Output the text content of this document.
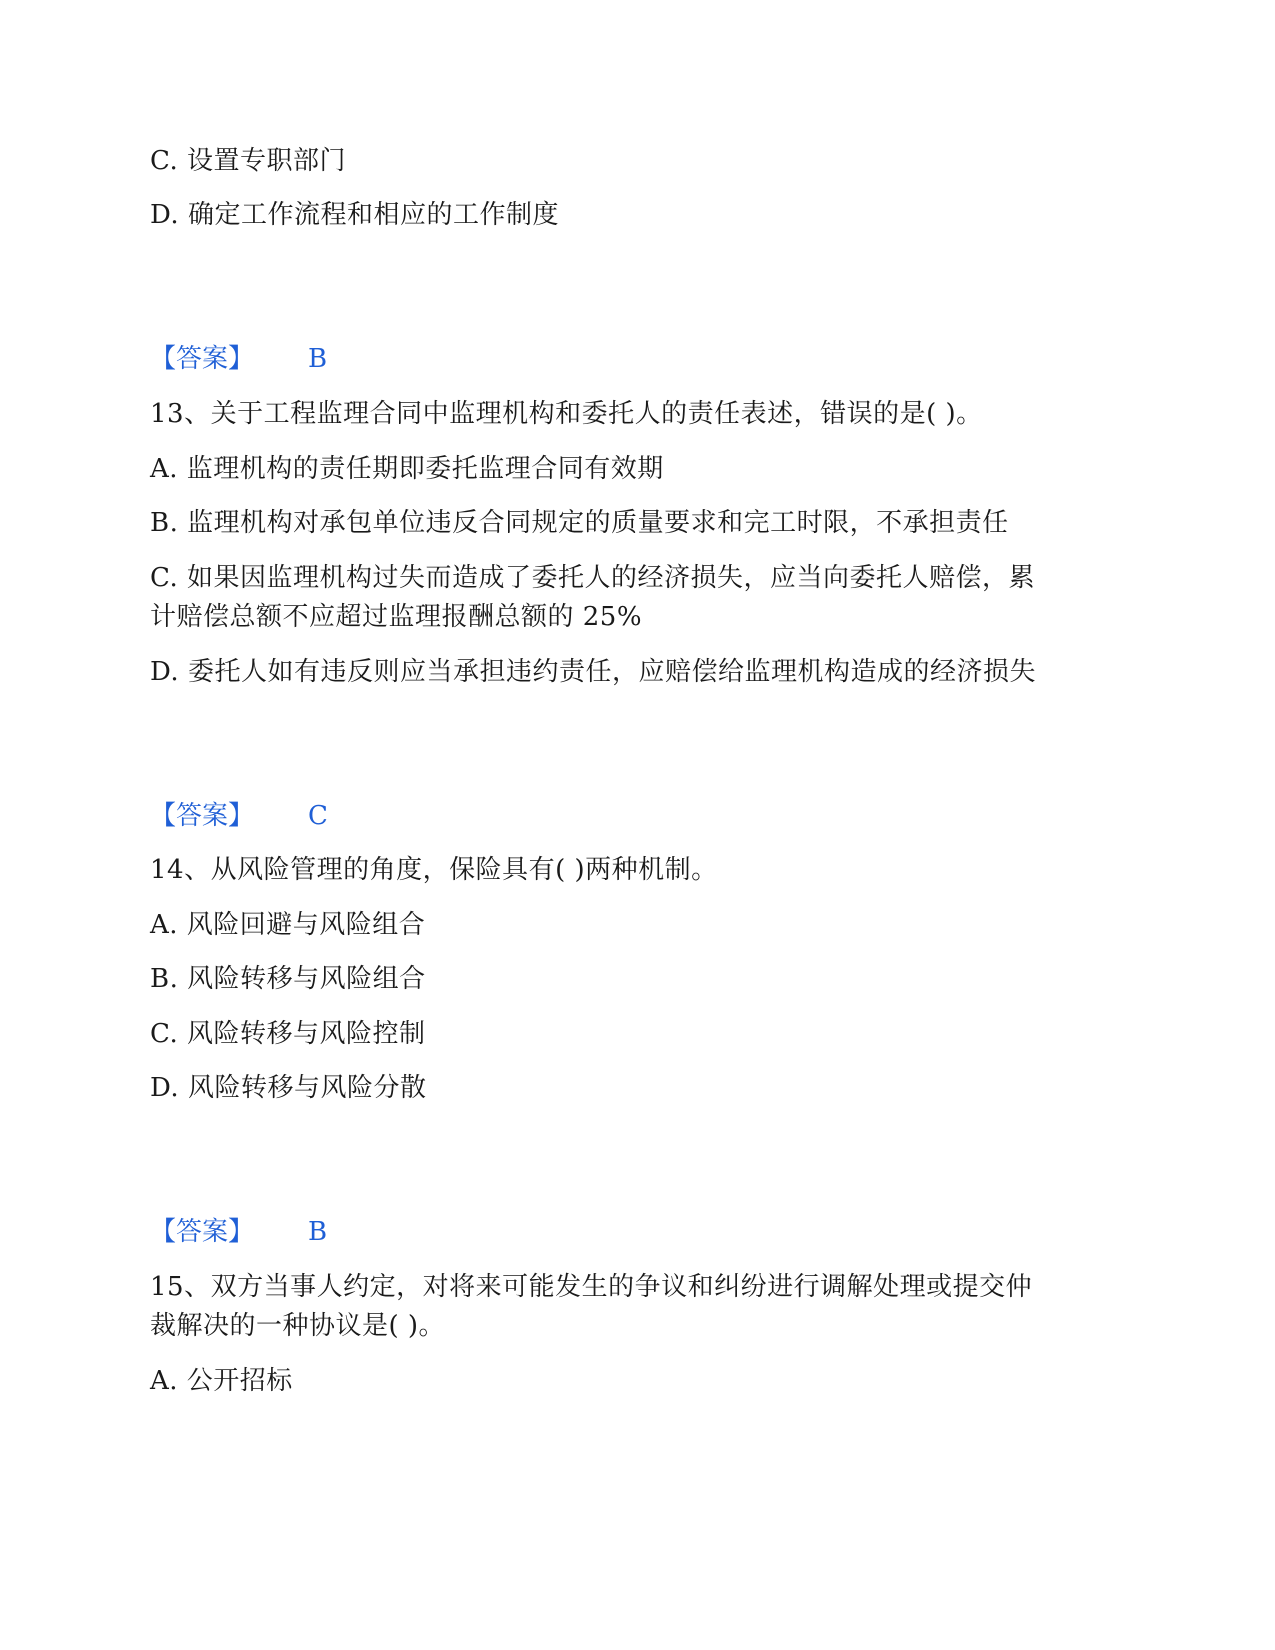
C. 设置专职部门
D. 确定工作流程和相应的工作制度
【答案】 B
13、关于工程监理合同中监理机构和委托人的责任表述，错误的是( )。
A. 监理机构的责任期即委托监理合同有效期
B. 监理机构对承包单位违反合同规定的质量要求和完工时限，不承担责任
C. 如果因监理机构过失而造成了委托人的经济损失，应当向委托人赔偿，累
计赔偿总额不应超过监理报酬总额的 25%
D. 委托人如有违反则应当承担违约责任，应赔偿给监理机构造成的经济损失
【答案】 C
14、从风险管理的角度，保险具有( )两种机制。
A. 风险回避与风险组合
B. 风险转移与风险组合
C. 风险转移与风险控制
D. 风险转移与风险分散
【答案】 B
15、双方当事人约定，对将来可能发生的争议和纠纷进行调解处理或提交仲
裁解决的一种协议是( )。
A. 公开招标
